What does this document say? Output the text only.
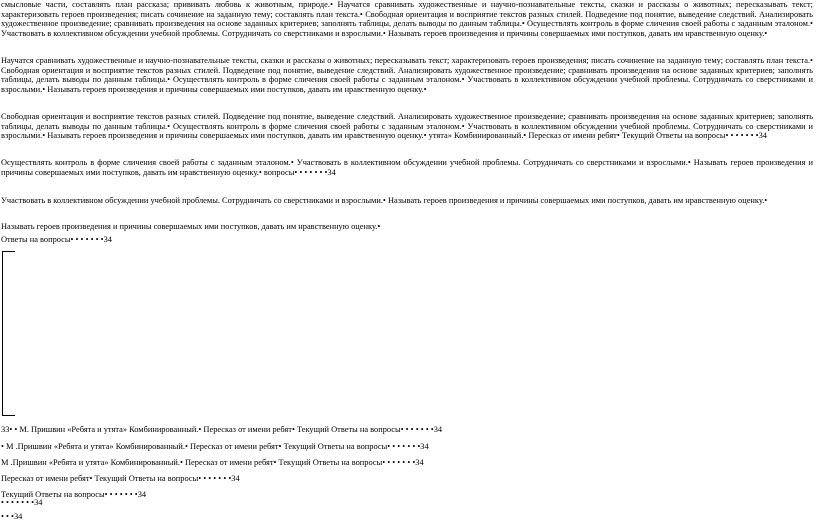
смысловые части, составлять план рассказа; прививать любовь к животным, природе.• Научатся сравнивать художественные и научно-познавательные тексты, сказки и рассказы о животных; пересказывать текст; характеризовать героев произведения; писать сочинение на заданную тему; составлять план текста.• Свободная ориентация и восприятие текстов разных стилей. Подведение под понятие, выведение следствий. Анализировать художественное произведение; сравнивать произведения на основе заданных критериев; заполнять таблицы, делать выводы по данным таблицы.• Осуществлять контроль в форме сличения своей работы с заданным эталоном.• Участвовать в коллективном обсуждении учебной проблемы. Сотрудничать со сверстниками и взрослыми.• Называть героев произведения и причины совершаемых ими поступков, давать им нравственную оценку.•

Научатся сравнивать художественные и научно-познавательные тексты, сказки и рассказы о животных; пересказывать текст; характеризовать героев произведения; писать сочинение на заданную тему; составлять план текста.• Свободная ориентация и восприятие текстов разных стилей. Подведение под понятие, выведение следствий. Анализировать художественное произведение; сравнивать произведения на основе заданных критериев; заполнять таблицы, делать выводы по данным таблицы.• Осуществлять контроль в форме сличения своей работы с заданным эталоном.• Участвовать в коллективном обсуждении учебной проблемы. Сотрудничать со сверстниками и взрослыми.• Называть героев произведения и причины совершаемых ими поступков, давать им нравственную оценку.•

Свободная ориентация и восприятие текстов разных стилей. Подведение под понятие, выведение следствий. Анализировать художественное произведение; сравнивать произведения на основе заданных критериев; заполнять таблицы, делать выводы по данным таблицы.• Осуществлять контроль в форме сличения своей работы с заданным эталоном.• Участвовать в коллективном обсуждении учебной проблемы. Сотрудничать со сверстниками и взрослыми.• Называть героев произведения и причины совершаемых ими поступков, давать им нравственную оценку.• утята» Комбинированный.• Пересказ от имени ребят• Текущий Ответы на вопросы• • • • • • •34

Осуществлять контроль в форме сличения своей работы с заданным эталоном.• Участвовать в коллективном обсуждении учебной проблемы. Сотрудничать со сверстниками и взрослыми.• Называть героев произведения и причины совершаемых ими поступков, давать им нравственную оценку.• вопросы• • • • • • •34

Участвовать в коллективном обсуждении учебной проблемы. Сотрудничать со сверстниками и взрослыми.• Называть героев произведения и причины совершаемых ими поступков, давать им нравственную оценку.•

Называть героев произведения и причины совершаемых ими поступков, давать им нравственную оценку.•

Ответы на вопросы• • • • • • •34
33• • М. Пришвин «Ребята и утята» Комбинированный.• Пересказ от имени ребят• Текущий Ответы на вопросы• • • • • • •34
• М .Пришвин «Ребята и утята» Комбинированный.• Пересказ от имени ребят• Текущий Ответы на вопросы• • • • • • •34
М .Пришвин «Ребята и утята» Комбинированный.• Пересказ от имени ребят• Текущий Ответы на вопросы• • • • • • •34
Пересказ от имени ребят• Текущий Ответы на вопросы• • • • • • •34
Текущий Ответы на вопросы• • • • • • •34
• • • • • • •34
• • •34
